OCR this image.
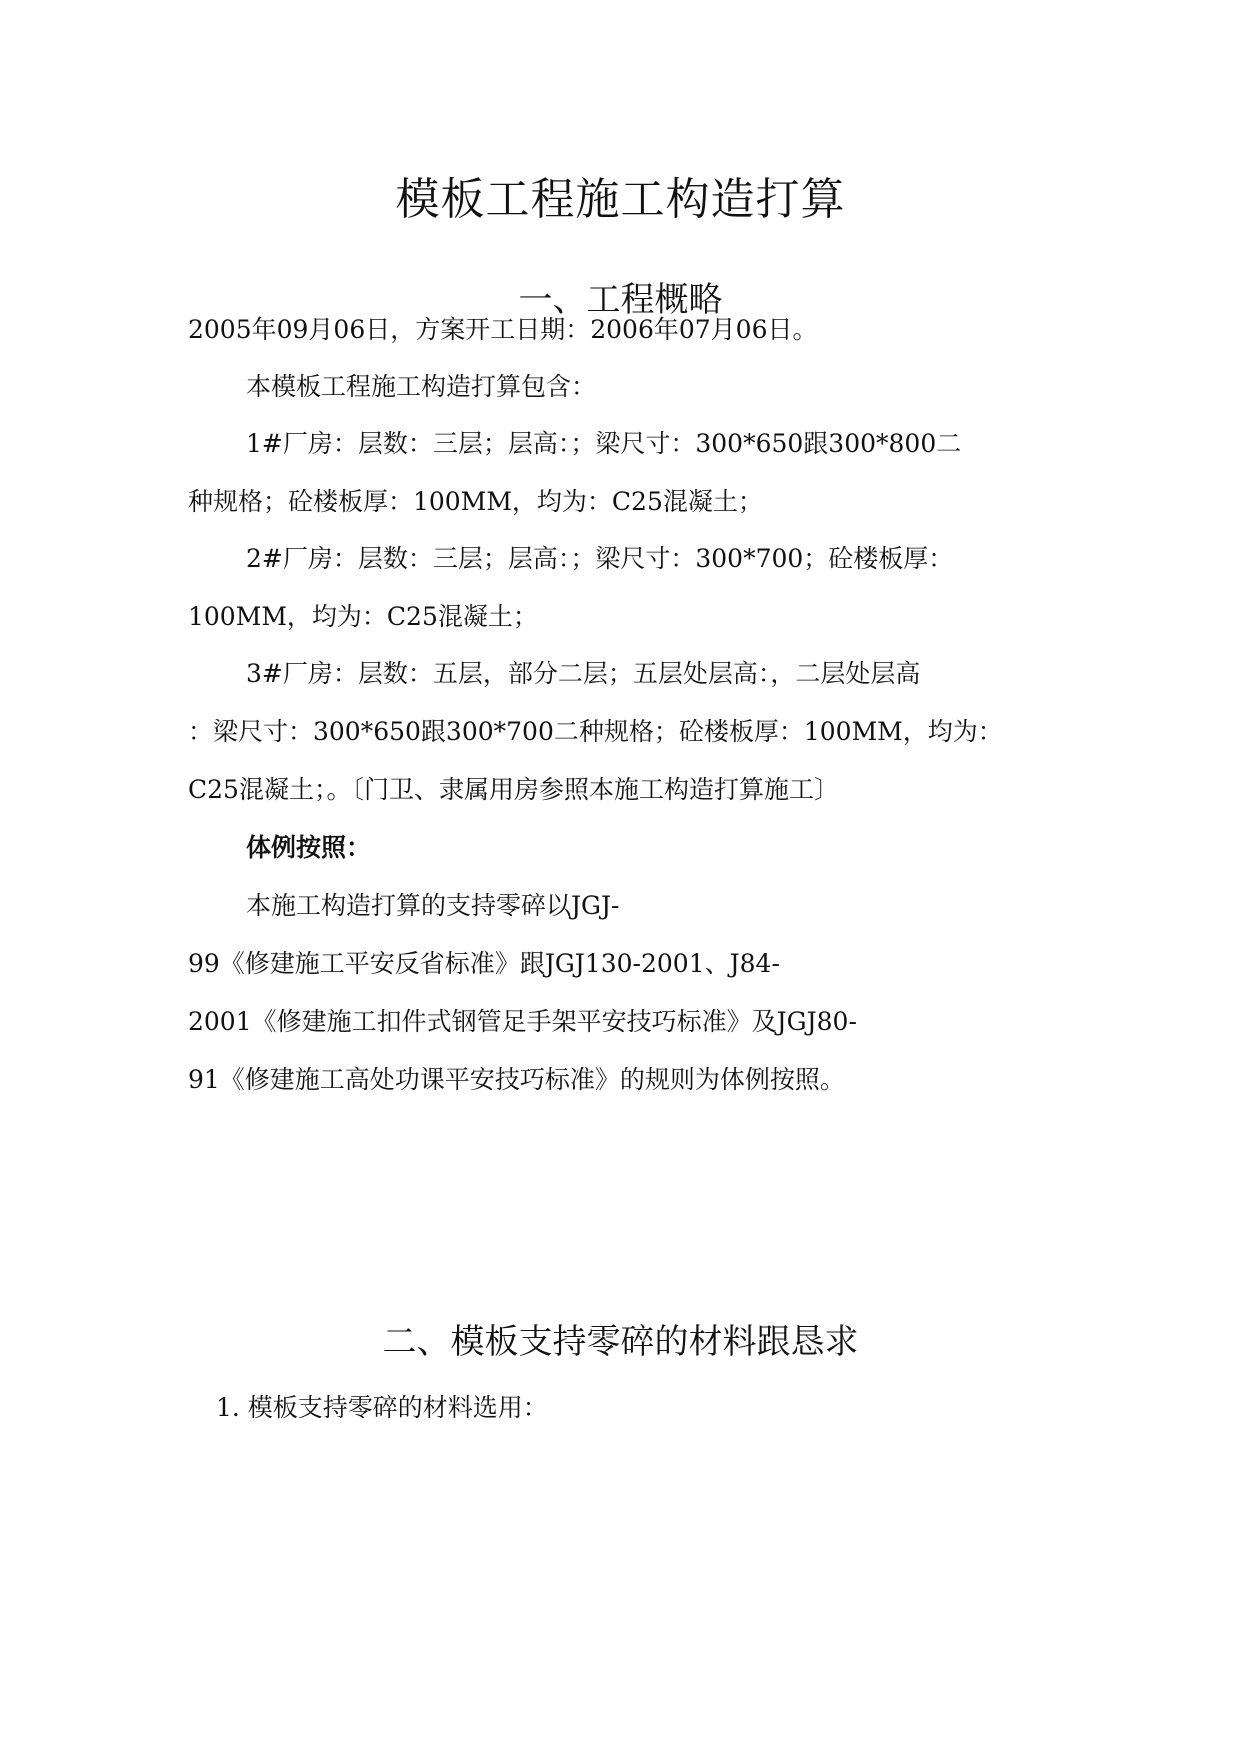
模板工程施工构造打算
一、工程概略

2005年09月06日，方案开工日期：2006年07月06日。

本模板工程施工构造打算包含：

1#厂房：层数：三层；层高：；梁尺寸：300*650跟300*800二

种规格；砼楼板厚：100MM，均为：C25混凝土；

2#厂房：层数：三层；层高：；梁尺寸：300*700；砼楼板厚：

100MM，均为：C25混凝土；

3#厂房：层数：五层，部分二层；五层处层高：，二层处层高

：梁尺寸：300*650跟300*700二种规格；砼楼板厚：100MM，均为：

C25混凝土；。〔门卫、隶属用房参照本施工构造打算施工〕

体例按照：

本施工构造打算的支持零碎以JGJ-

99《修建施工平安反省标准》跟JGJ130-2001、J84-

2001《修建施工扣件式钢管足手架平安技巧标准》及JGJ80-

91《修建施工高处功课平安技巧标准》的规则为体例按照。

二、模板支持零碎的材料跟恳求

1. 模板支持零碎的材料选用：
